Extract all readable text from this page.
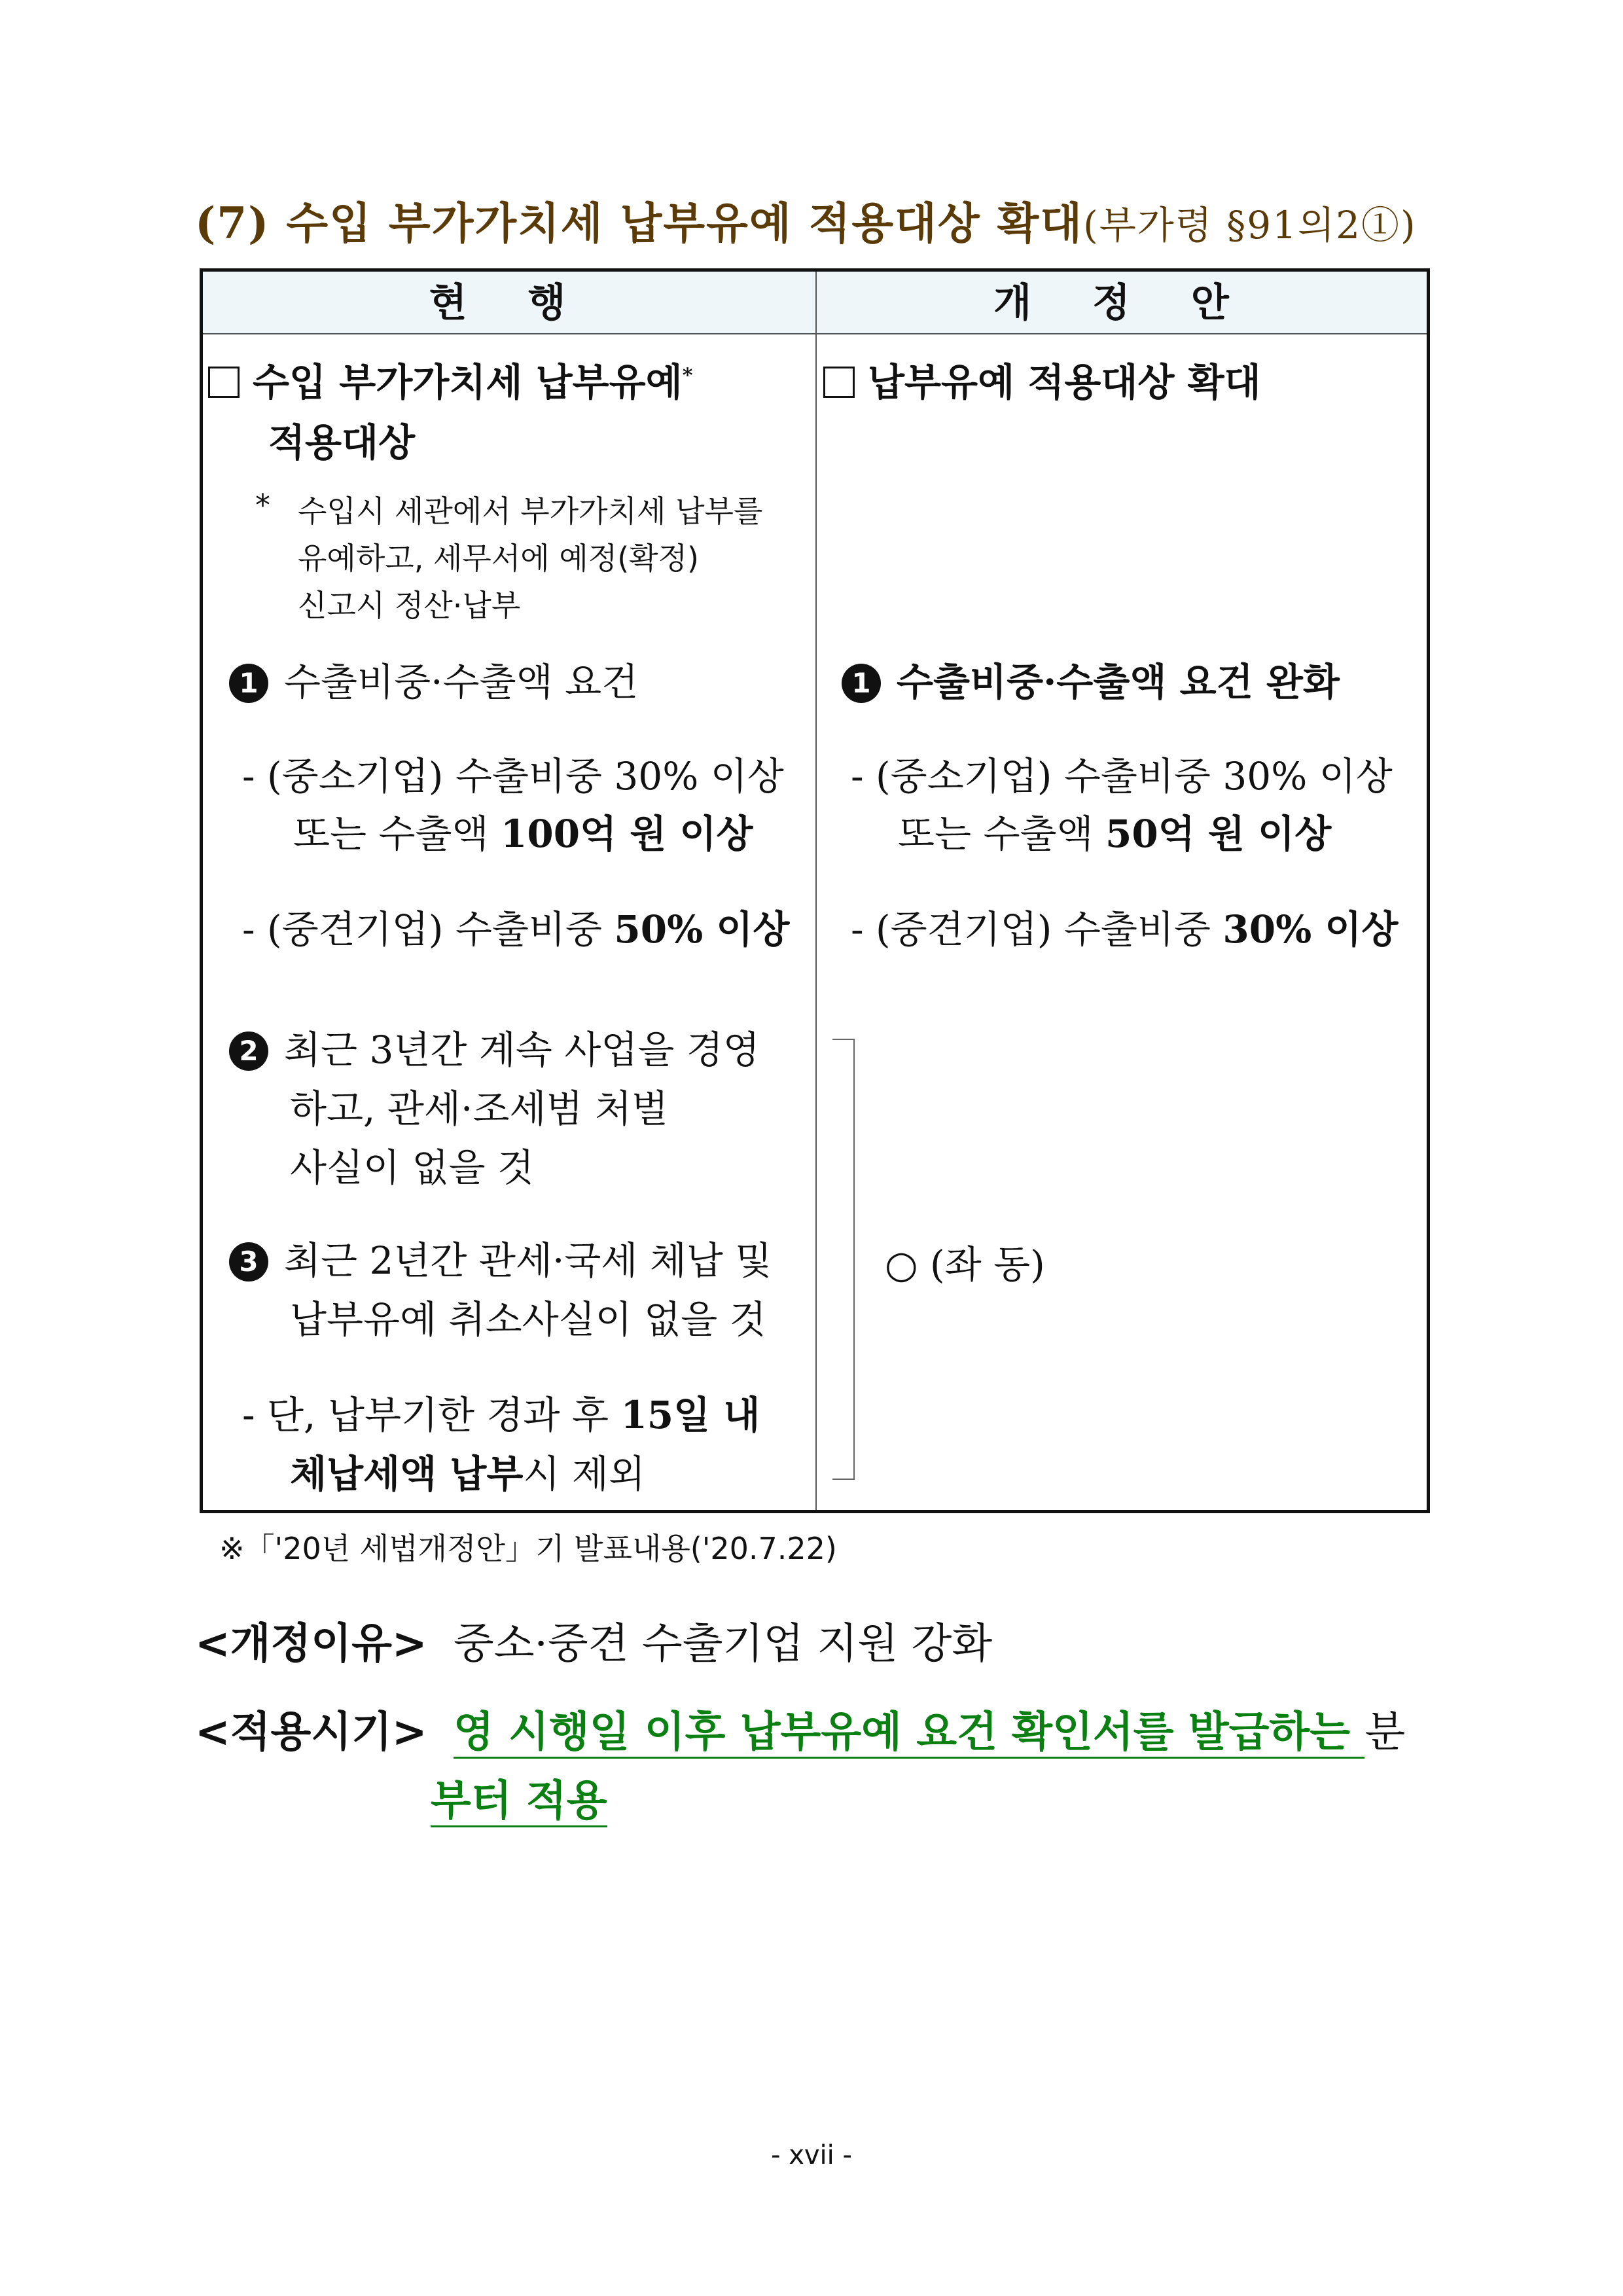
(7) 수입 부가가치세 납부유예 적용대상 확대(부가령 §91의2①)
현 행	개 정 안
수입 부가가치세 납부유예*
적용대상
* 수입시 세관에서 부가가치세 납부를
유예하고, 세무서에 예정(확정)
신고시 정산·납부
1 수출비중·수출액 요건
- (중소기업) 수출비중 30% 이상
또는 수출액 100억 원 이상
- (중견기업) 수출비중 50% 이상
2 최근 3년간 계속 사업을 경영
하고, 관세·조세범 처벌
사실이 없을 것
3 최근 2년간 관세·국세 체납 및
납부유예 취소사실이 없을 것
- 단, 납부기한 경과 후 15일 내
체납세액 납부시 제외
납부유예 적용대상 확대
1 수출비중·수출액 요건 완화
- (중소기업) 수출비중 30% 이상
또는 수출액 50억 원 이상
- (중견기업) 수출비중 30% 이상
○ (좌 동)
※「'20년 세법개정안」기 발표내용('20.7.22)
<개정이유> 중소·중견 수출기업 지원 강화
<적용시기> 영 시행일 이후 납부유예 요건 확인서를 발급하는 분
부터 적용
- xvii -
